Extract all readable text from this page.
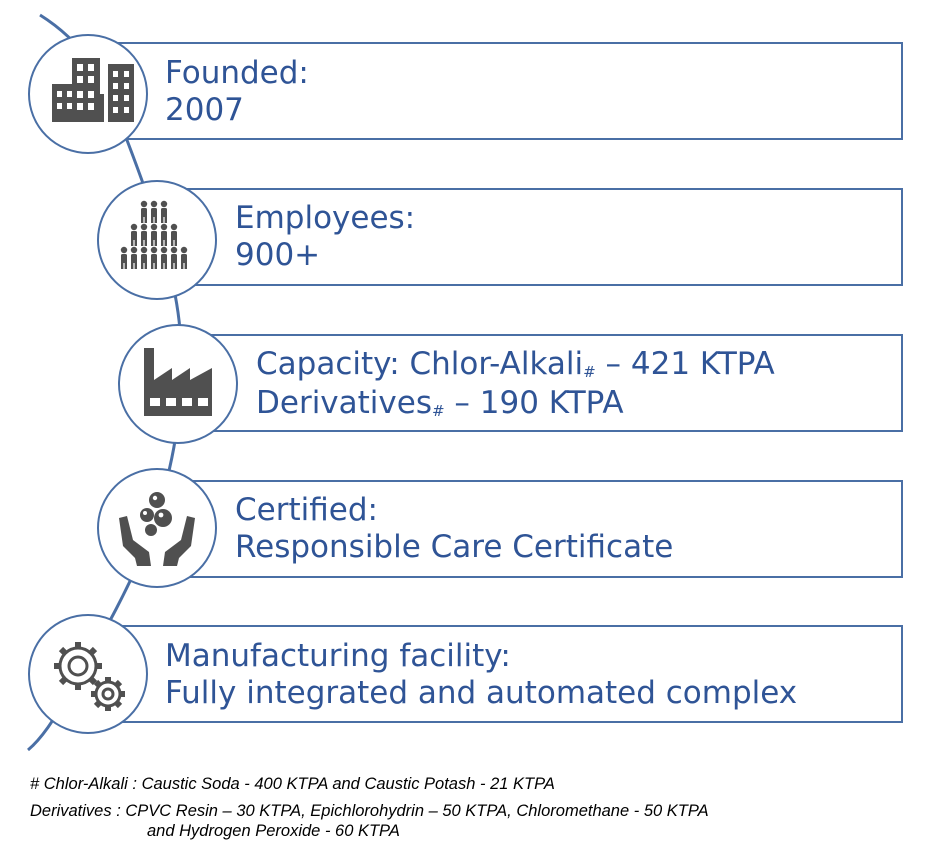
Founded:
2007
Employees:
900+
Capacity: Chlor-Alkali$_{\#}$ – 421 KTPA
Derivatives$_{\#}$ – 190 KTPA
Certified:
Responsible Care Certificate
Manufacturing facility:
Fully integrated and automated complex
# Chlor-Alkali : Caustic Soda - 400 KTPA and Caustic Potash - 21 KTPA
Derivatives : CPVC Resin – 30 KTPA, Epichlorohydrin – 50 KTPA, Chloromethane - 50 KTPA
and Hydrogen Peroxide - 60 KTPA
